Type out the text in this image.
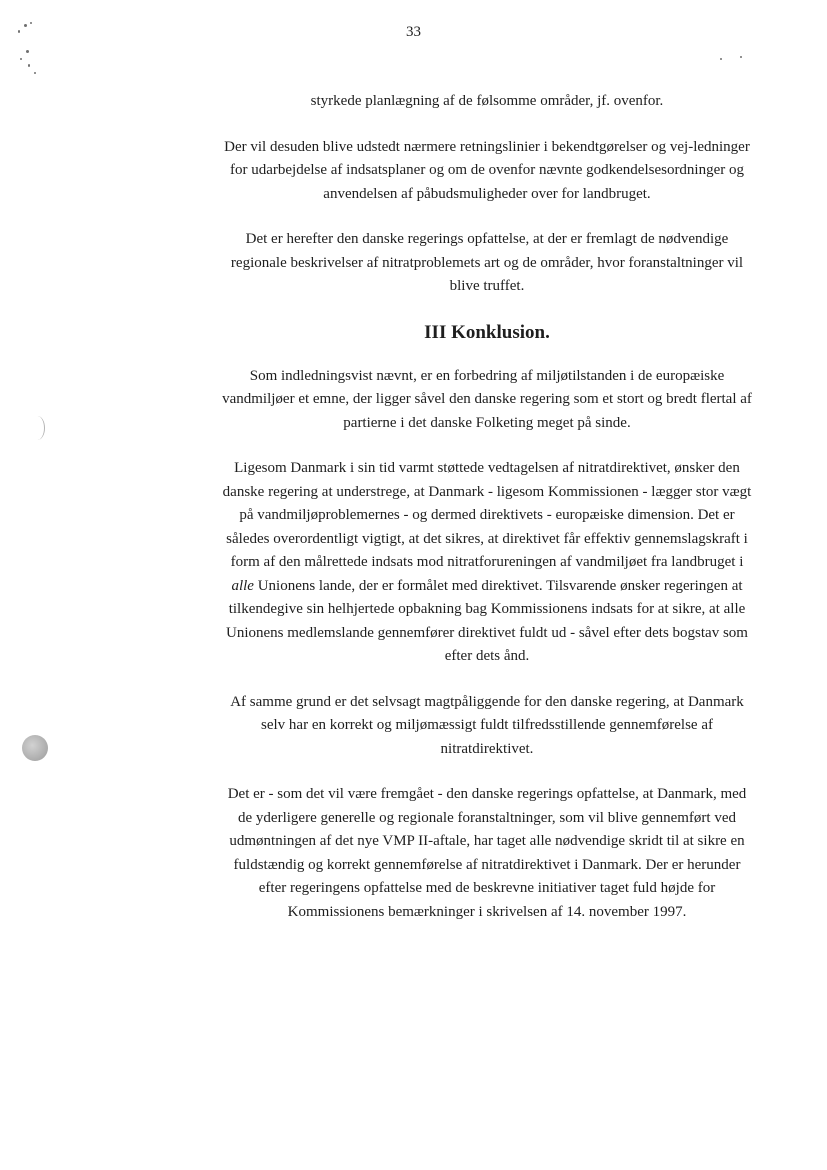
33

styrkede planlægning af de følsomme områder, jf. ovenfor.

Der vil desuden blive udstedt nærmere retningslinier i bekendtgørelser og vej-ledninger for udarbejdelse af indsatsplaner og om de ovenfor nævnte godkendelsesordninger og anvendelsen af påbudsmuligheder over for landbruget.

Det er herefter den danske regerings opfattelse, at der er fremlagt de nødvendige regionale beskrivelser af nitratproblemets art og de områder, hvor foranstaltninger vil blive truffet.

III Konklusion.

Som indledningsvist nævnt, er en forbedring af miljøtilstanden i de europæiske vandmiljøer et emne, der ligger såvel den danske regering som et stort og bredt flertal af partierne i det danske Folketing meget på sinde.

Ligesom Danmark i sin tid varmt støttede vedtagelsen af nitratdirektivet, ønsker den danske regering at understrege, at Danmark - ligesom Kommissionen - lægger stor vægt på vandmiljøproblemernes - og dermed direktivets - europæiske dimension. Det er således overordentligt vigtigt, at det sikres, at direktivet får effektiv gennemslagskraft i form af den målrettede indsats mod nitratforureningen af vandmiljøet fra landbruget i alle Unionens lande, der er formålet med direktivet. Tilsvarende ønsker regeringen at tilkendegive sin helhjertede opbakning bag Kommissionens indsats for at sikre, at alle Unionens medlemslande gennemfører direktivet fuldt ud - såvel efter dets bogstav som efter dets ånd.

Af samme grund er det selvsagt magtpåliggende for den danske regering, at Danmark selv har en korrekt og miljømæssigt fuldt tilfredsstillende gennemførelse af nitratdirektivet.

Det er - som det vil være fremgået - den danske regerings opfattelse, at Danmark, med de yderligere generelle og regionale foranstaltninger, som vil blive gennemført ved udmøntningen af det nye VMP II-aftale, har taget alle nødvendige skridt til at sikre en fuldstændig og korrekt gennemførelse af nitratdirektivet i Danmark. Der er herunder efter regeringens opfattelse med de beskrevne initiativer taget fuld højde for Kommissionens bemærkninger i skrivelsen af 14. november 1997.
